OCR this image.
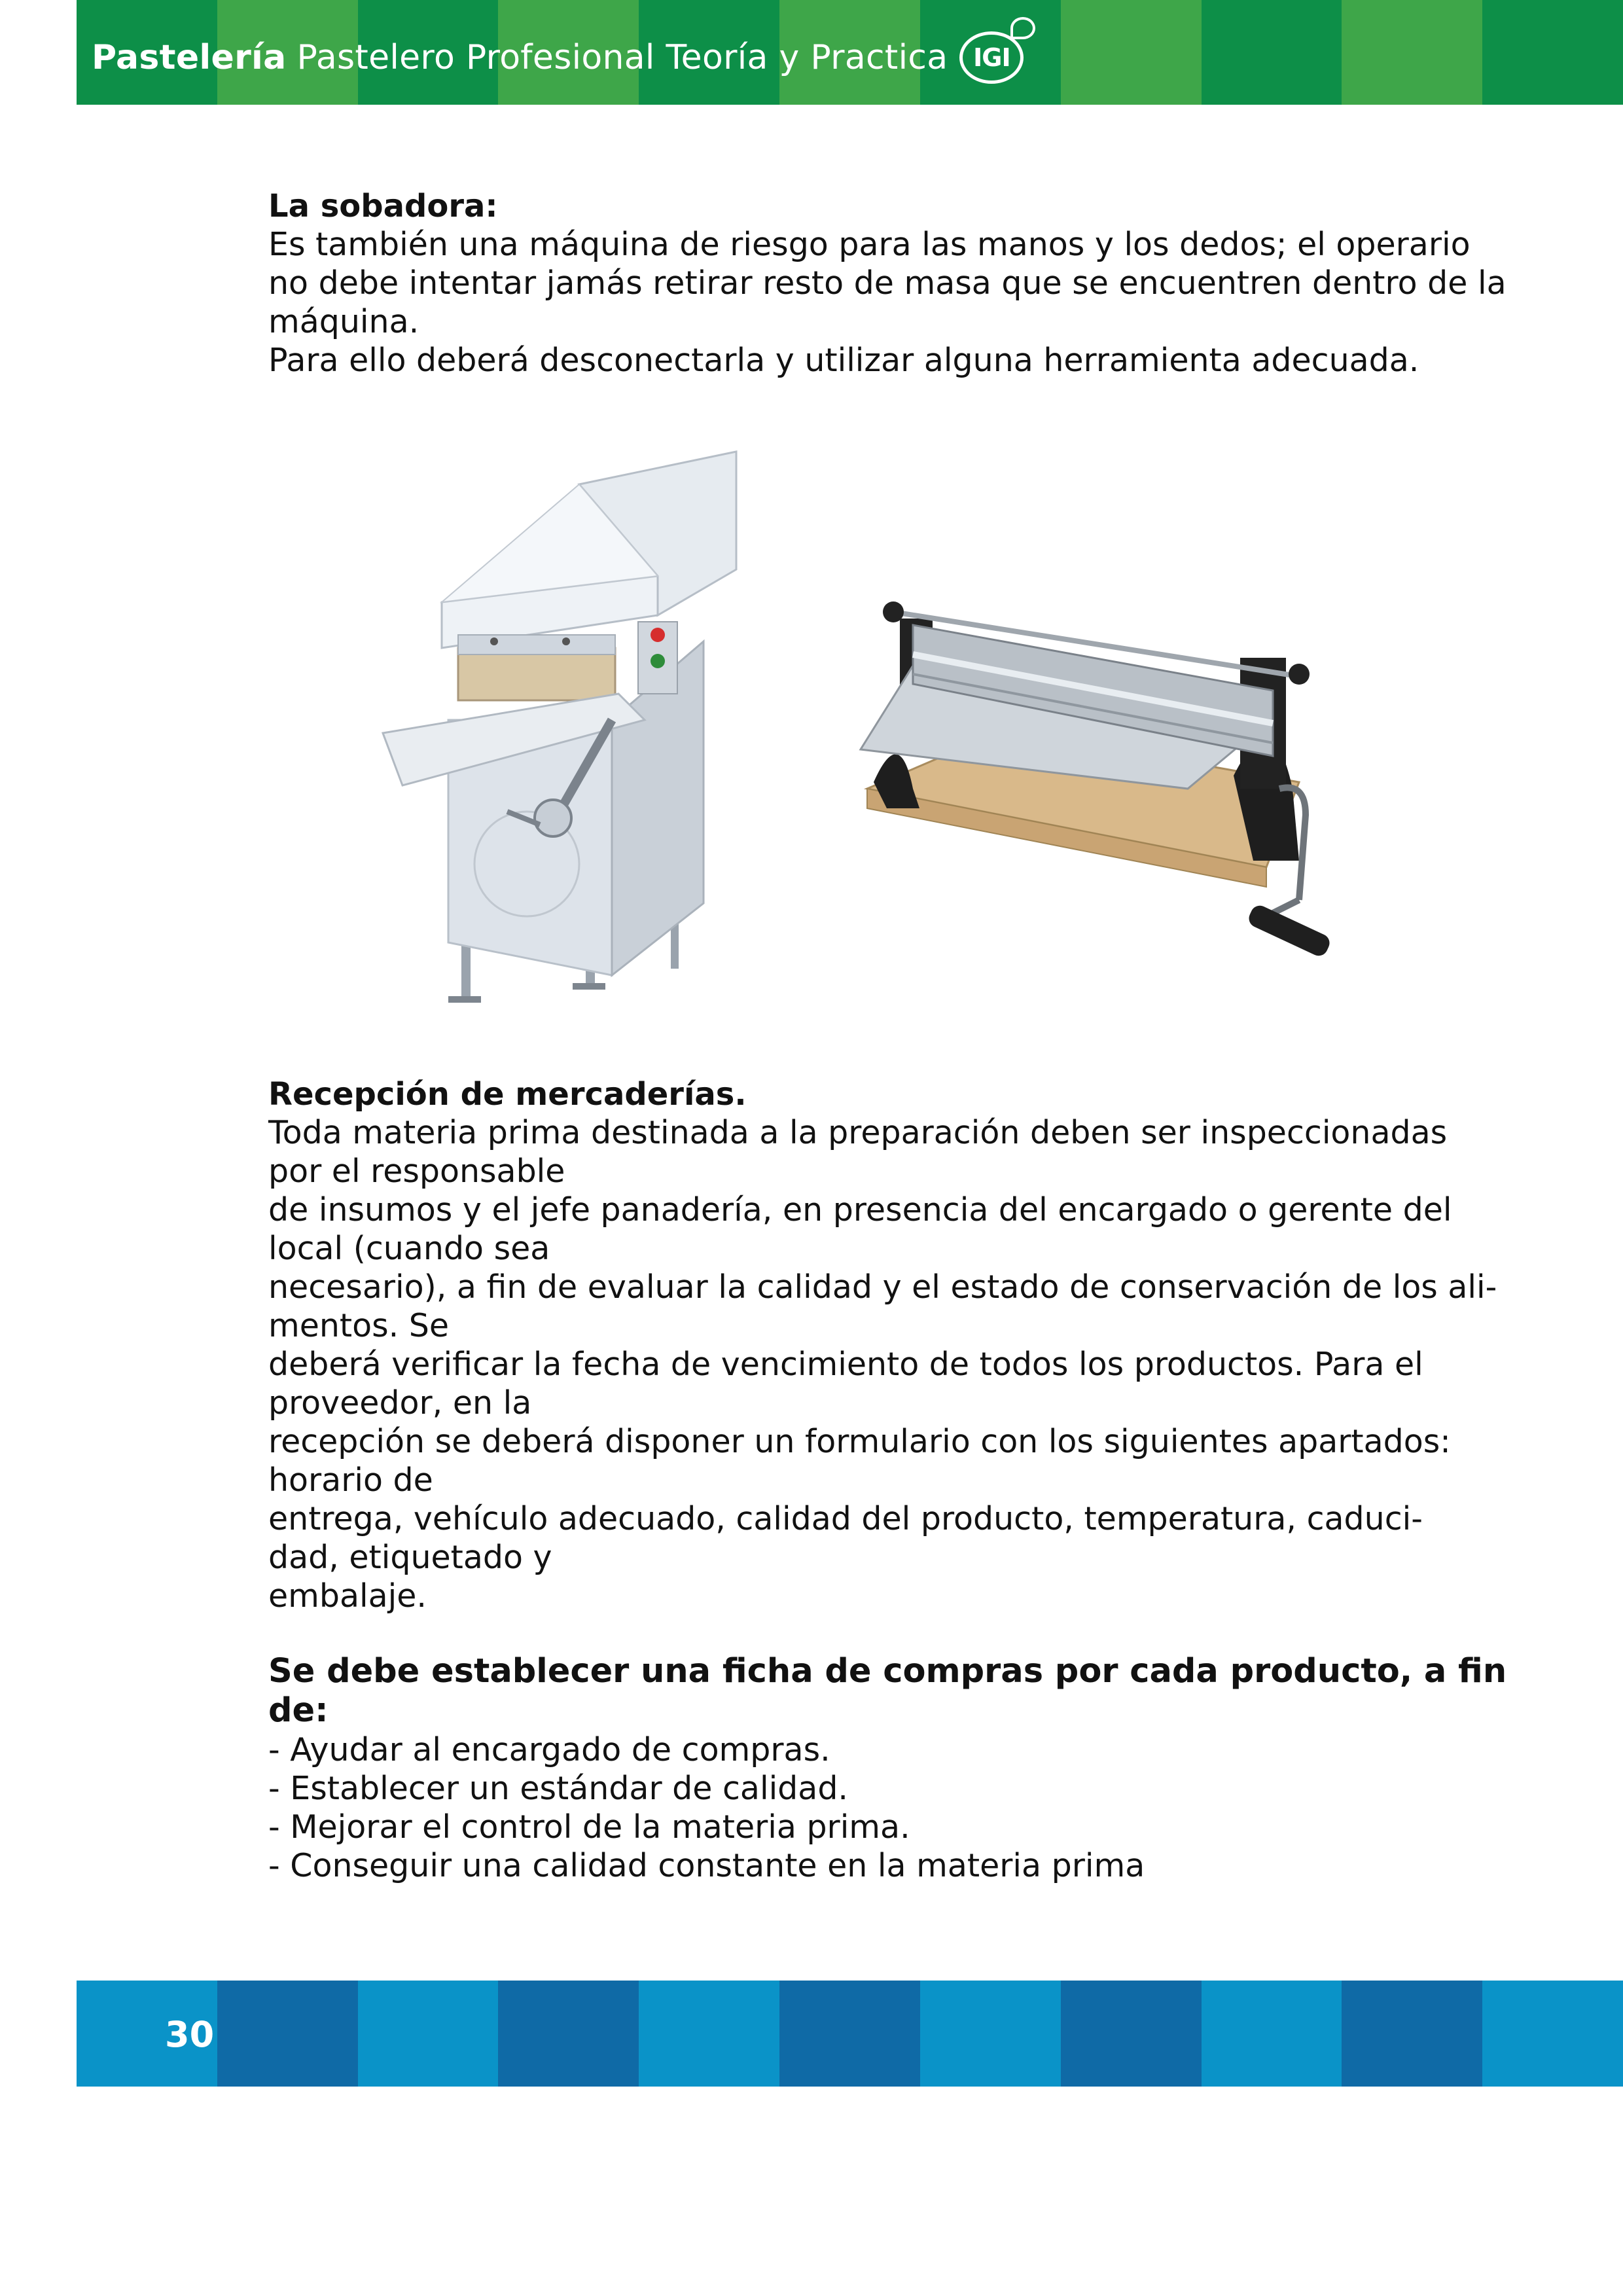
Pastelería Pastelero Profesional Teoría y Practica	IGI

La sobadora:

Es también una máquina de riesgo para las manos y los dedos; el operario

no debe intentar jamás retirar resto de masa que se encuentren dentro de la

máquina.

Para ello deberá desconectarla y utilizar alguna herramienta adecuada.

Recepción de mercaderías.

Toda materia prima destinada a la preparación deben ser inspeccionadas

por el responsable

de insumos y el jefe panadería, en presencia del encargado o gerente del

local (cuando sea

necesario), a fin de evaluar la calidad y el estado de conservación de los ali-

mentos. Se

deberá verificar la fecha de vencimiento de todos los productos. Para el

proveedor, en la

recepción se deberá disponer un formulario con los siguientes apartados:

horario de

entrega, vehículo adecuado, calidad del producto, temperatura, caduci-

dad, etiquetado y

embalaje.

Se debe establecer una ficha de compras por cada producto, a fin de:

- Ayudar al encargado de compras.

- Establecer un estándar de calidad.

- Mejorar el control de la materia prima.

- Conseguir una calidad constante en la materia prima

30
